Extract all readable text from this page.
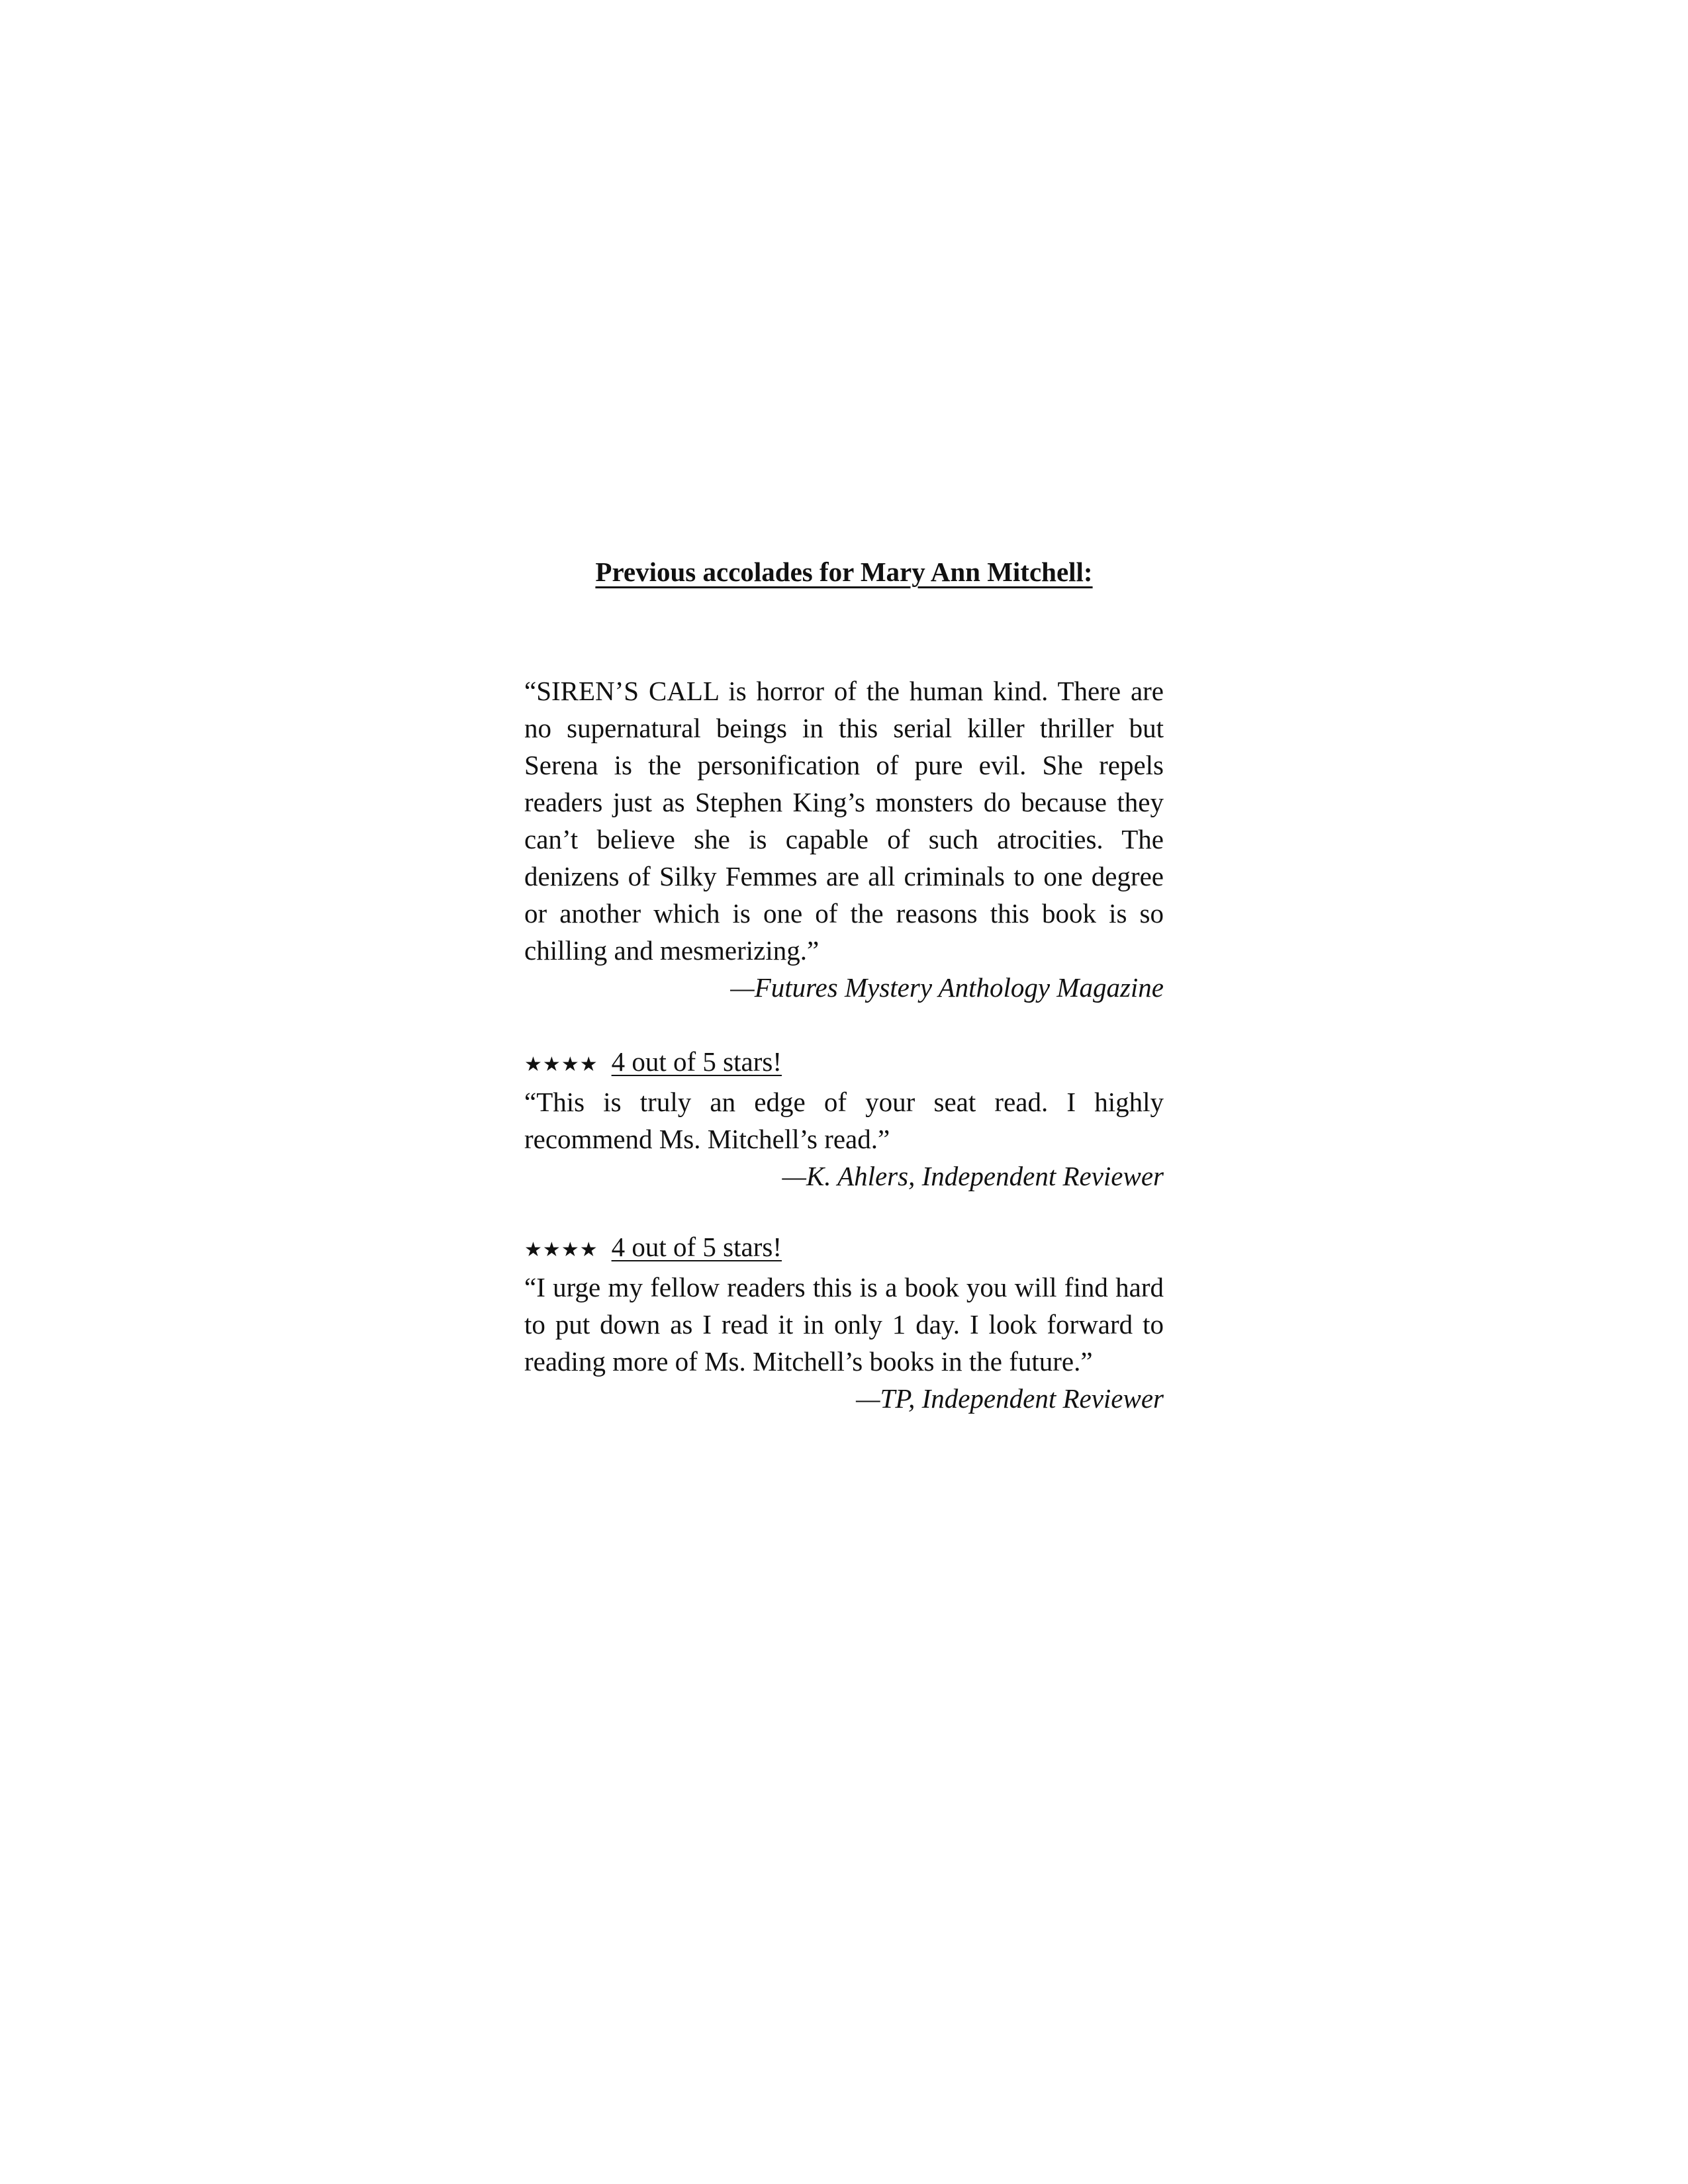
Previous accolades for Mary Ann Mitchell:
“SIREN’S CALL is horror of the human kind. There are no supernatural beings in this serial killer thriller but Serena is the personification of pure evil. She repels readers just as Stephen King’s monsters do because they can’t believe she is capable of such atrocities. The denizens of Silky Femmes are all criminals to one degree or another which is one of the reasons this book is so chilling and mesmerizing.”
—Futures Mystery Anthology Magazine
★ ★ ★ ★ 4 out of 5 stars!
“This is truly an edge of your seat read. I highly recommend Ms. Mitchell’s read.”
—K. Ahlers, Independent Reviewer
★ ★ ★ ★ 4 out of 5 stars!
“I urge my fellow readers this is a book you will find hard to put down as I read it in only 1 day. I look forward to reading more of Ms. Mitchell’s books in the future.”
—TP, Independent Reviewer
